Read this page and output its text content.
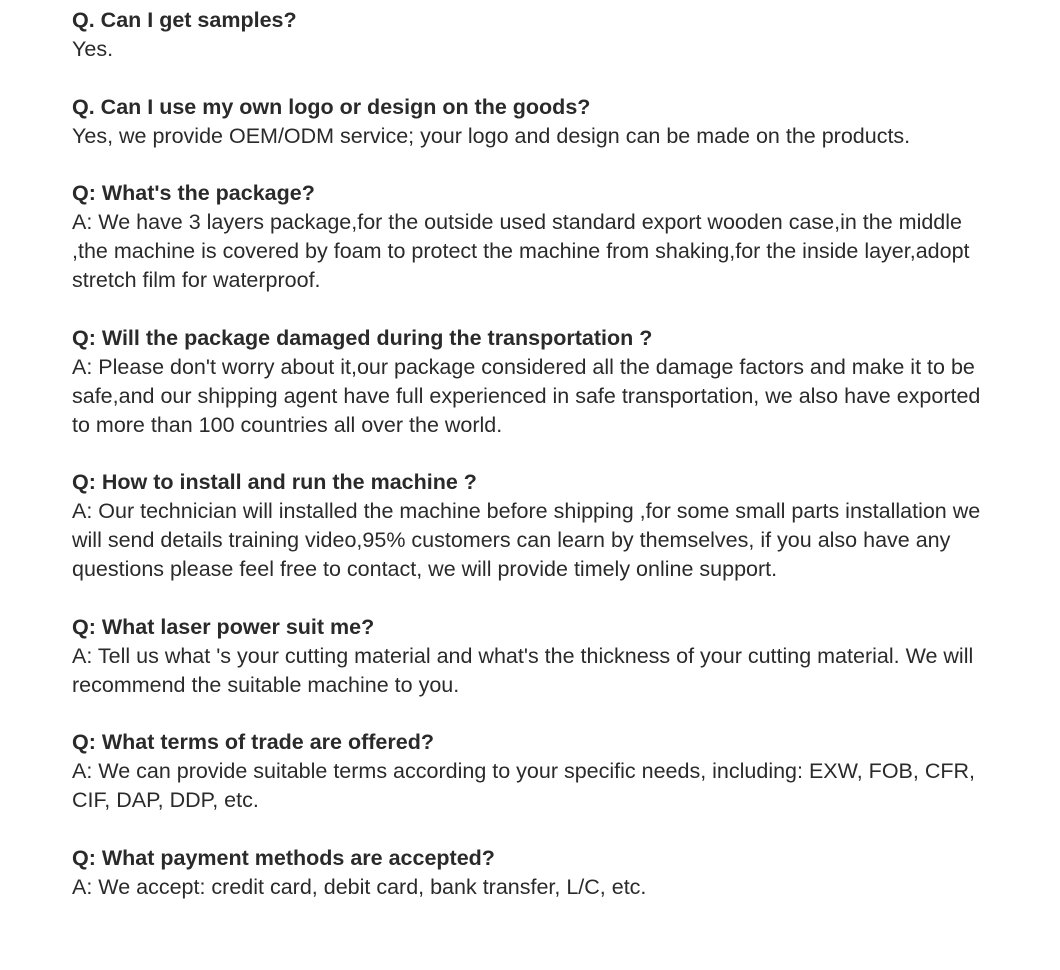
Q. Can I get samples?

Yes.

Q. Can I use my own logo or design on the goods?

Yes, we provide OEM/ODM service; your logo and design can be made on the products.

Q: What's the package?

A: We have 3 layers package,for the outside used standard export wooden case,in the middle ,the machine is covered by foam to protect the machine from shaking,for the inside layer,adopt stretch film for waterproof.

Q: Will the package damaged during the transportation ?

A: Please don't worry about it,our package considered all the damage factors and make it to be safe,and our shipping agent have full experienced in safe transportation, we also have exported to more than 100 countries all over the world.

Q: How to install and run the machine ?

A: Our technician will installed the machine before shipping ,for some small parts installation we will send details training video,95% customers can learn by themselves, if you also have any questions please feel free to contact, we will provide timely online support.

Q: What laser power suit me?

A: Tell us what 's your cutting material and what's the thickness of your cutting material. We will recommend the suitable machine to you.

Q: What terms of trade are offered?

A: We can provide suitable terms according to your specific needs, including: EXW, FOB, CFR, CIF, DAP, DDP, etc.

Q: What payment methods are accepted?

A: We accept: credit card, debit card, bank transfer, L/C, etc.
